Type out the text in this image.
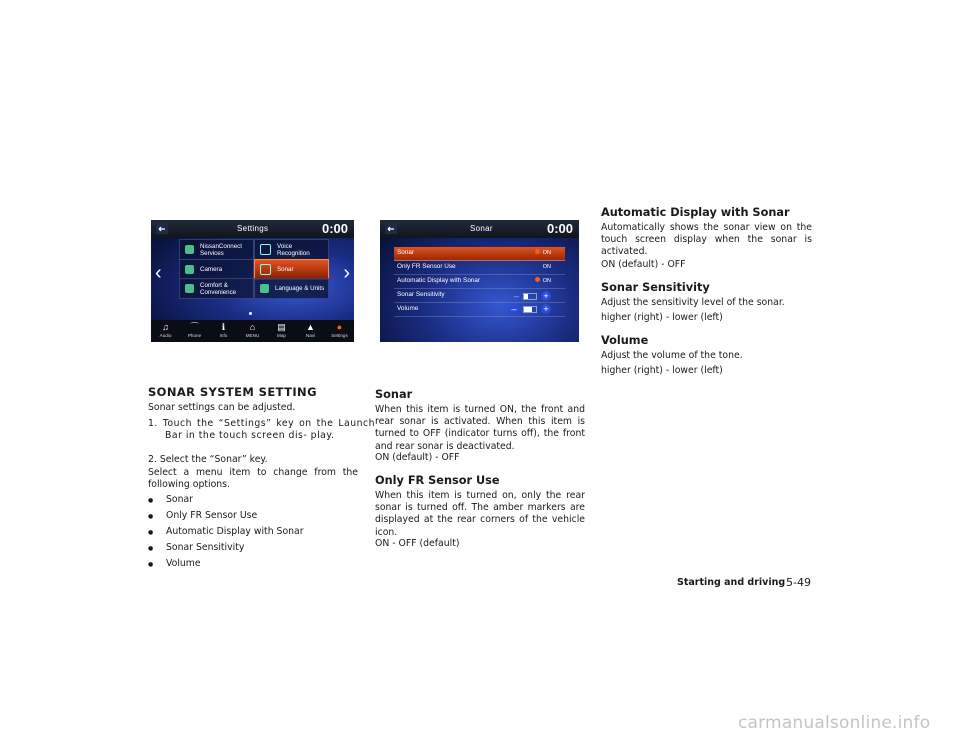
Settings	0:00
‹	›
NissanConnect
Services
Voice
Recognition
Camera	Sonar
Comfort &
Convenience	Language & Units
♫
Audio
⌒
Phone
ℹ
Info
⌂
MENU
▤
Map
▲
Navi
●
Settings
Sonar	0:00
Sonar	ON
Only FR Sensor Use	ON
Automatic Display with Sonar	ON
Sonar Sensitivity	–	+
Volume	–	+
SONAR SYSTEM SETTING

Sonar settings can be adjusted.

1. Touch the “Settings” key on the Launch Bar in the touch screen dis- play.

2. Select the “Sonar” key.

Select a menu item to change from the following options.

● Sonar
● Only FR Sensor Use
● Automatic Display with Sonar
● Sonar Sensitivity
● Volume
Sonar

When this item is turned ON, the front and rear sonar is activated. When this item is turned to OFF (indicator turns off), the front and rear sonar is deactivated.

ON (default) - OFF

Only FR Sensor Use

When this item is turned on, only the rear sonar is turned off. The amber markers are displayed at the rear corners of the vehicle icon.

ON - OFF (default)

Automatic Display with Sonar

Automatically shows the sonar view on the touch screen display when the sonar is activated.

ON (default) - OFF

Sonar Sensitivity

Adjust the sensitivity level of the sonar.

higher (right) - lower (left)

Volume

Adjust the volume of the tone.

higher (right) - lower (left)

Starting and driving 5-49
carmanualsonline.info
